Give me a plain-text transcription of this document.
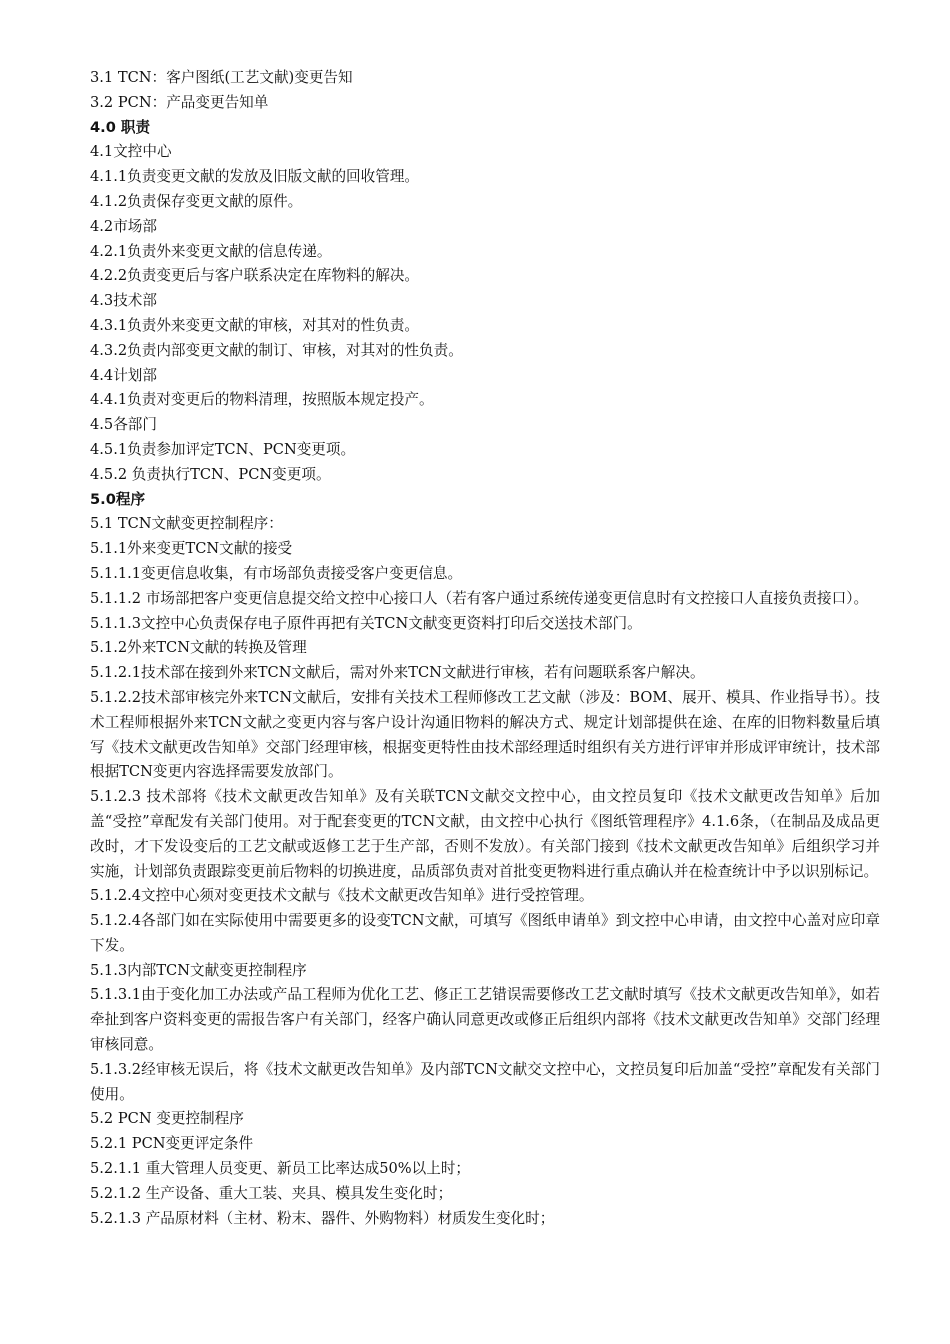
3.1 TCN：客户图纸(工艺文献)变更告知
3.2 PCN：产品变更告知单
4.0 职责
4.1文控中心
4.1.1负责变更文献的发放及旧版文献的回收管理。
4.1.2负责保存变更文献的原件。
4.2市场部
4.2.1负责外来变更文献的信息传递。
4.2.2负责变更后与客户联系决定在库物料的解决。
4.3技术部
4.3.1负责外来变更文献的审核，对其对的性负责。
4.3.2负责内部变更文献的制订、审核，对其对的性负责。
4.4计划部
4.4.1负责对变更后的物料清理，按照版本规定投产。
4.5各部门
4.5.1负责参加评定TCN、PCN变更项。
4.5.2 负责执行TCN、PCN变更项。
5.0程序
5.1 TCN文献变更控制程序：
5.1.1外来变更TCN文献的接受
5.1.1.1变更信息收集，有市场部负责接受客户变更信息。
5.1.1.2 市场部把客户变更信息提交给文控中心接口人（若有客户通过系统传递变更信息时有文控接口人直接负责接口）。
5.1.1.3文控中心负责保存电子原件再把有关TCN文献变更资料打印后交送技术部门。
5.1.2外来TCN文献的转换及管理
5.1.2.1技术部在接到外来TCN文献后，需对外来TCN文献进行审核，若有问题联系客户解决。
5.1.2.2技术部审核完外来TCN文献后，安排有关技术工程师修改工艺文献（涉及：BOM、展开、模具、作业指导书）。技术工程师根据外来TCN文献之变更内容与客户设计沟通旧物料的解决方式、规定计划部提供在途、在库的旧物料数量后填写《技术文献更改告知单》交部门经理审核，根据变更特性由技术部经理适时组织有关方进行评审并形成评审统计，技术部根据TCN变更内容选择需要发放部门。
5.1.2.3 技术部将《技术文献更改告知单》及有关联TCN文献交文控中心，由文控员复印《技术文献更改告知单》后加盖“受控”章配发有关部门使用。对于配套变更的TCN文献，由文控中心执行《图纸管理程序》4.1.6条，（在制品及成品更改时，才下发设变后的工艺文献或返修工艺于生产部，否则不发放）。有关部门接到《技术文献更改告知单》后组织学习并实施，计划部负责跟踪变更前后物料的切换进度，品质部负责对首批变更物料进行重点确认并在检查统计中予以识别标记。
5.1.2.4文控中心须对变更技术文献与《技术文献更改告知单》进行受控管理。
5.1.2.4各部门如在实际使用中需要更多的设变TCN文献，可填写《图纸申请单》到文控中心申请，由文控中心盖对应印章下发。
5.1.3内部TCN文献变更控制程序
5.1.3.1由于变化加工办法或产品工程师为优化工艺、修正工艺错误需要修改工艺文献时填写《技术文献更改告知单》，如若牵扯到客户资料变更的需报告客户有关部门，经客户确认同意更改或修正后组织内部将《技术文献更改告知单》交部门经理审核同意。
5.1.3.2经审核无误后，将《技术文献更改告知单》及内部TCN文献交文控中心，文控员复印后加盖“受控”章配发有关部门使用。
5.2 PCN 变更控制程序
5.2.1 PCN变更评定条件
5.2.1.1 重大管理人员变更、新员工比率达成50%以上时；
5.2.1.2 生产设备、重大工装、夹具、模具发生变化时；
5.2.1.3 产品原材料（主材、粉末、器件、外购物料）材质发生变化时；
